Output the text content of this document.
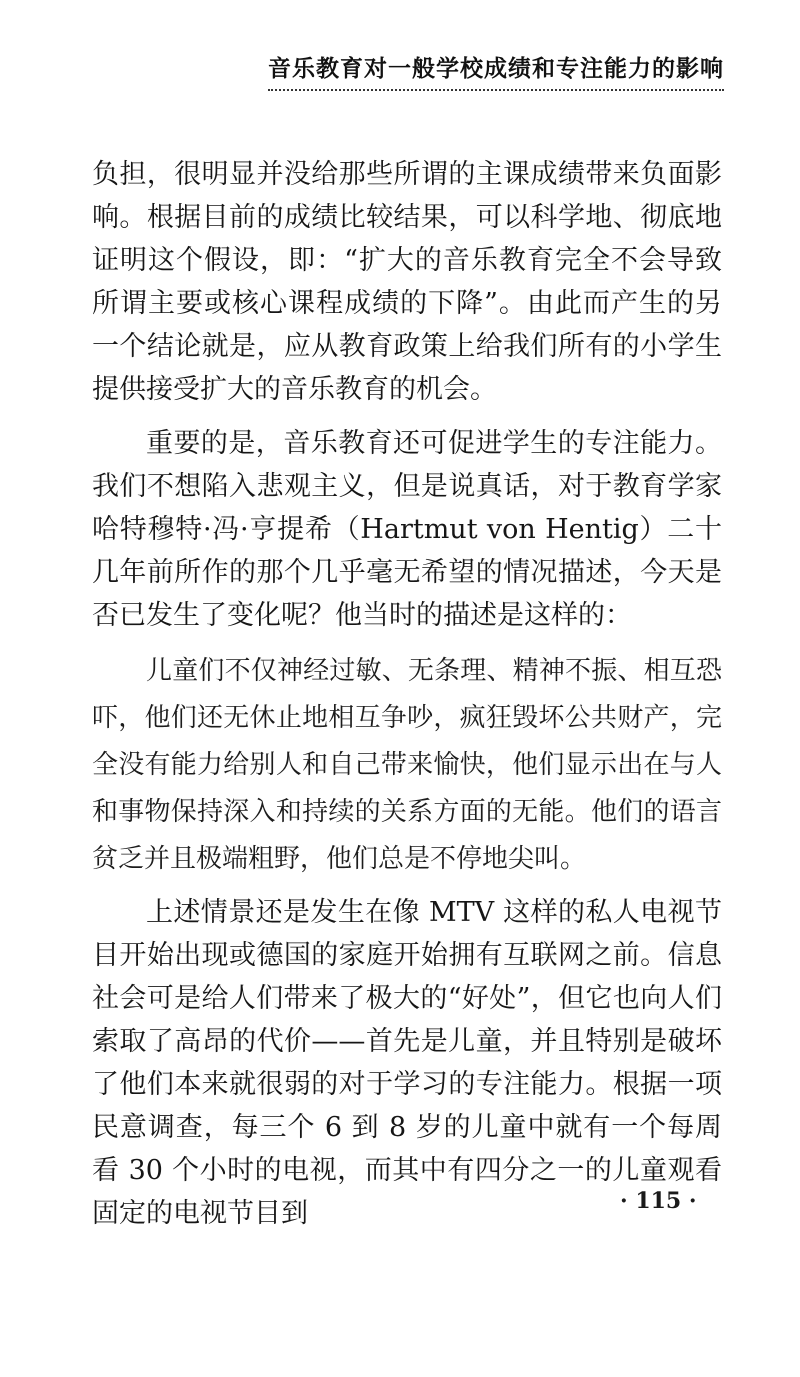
音乐教育对一般学校成绩和专注能力的影响

负担，很明显并没给那些所谓的主课成绩带来负面影响。根据目前的成绩比较结果，可以科学地、彻底地证明这个假设，即：“扩大的音乐教育完全不会导致所谓主要或核心课程成绩的下降”。由此而产生的另一个结论就是，应从教育政策上给我们所有的小学生提供接受扩大的音乐教育的机会。

重要的是，音乐教育还可促进学生的专注能力。我们不想陷入悲观主义，但是说真话，对于教育学家哈特穆特·冯·亨提希（Hartmut von Hentig）二十几年前所作的那个几乎毫无希望的情况描述，今天是否已发生了变化呢？他当时的描述是这样的：

儿童们不仅神经过敏、无条理、精神不振、相互恐吓，他们还无休止地相互争吵，疯狂毁坏公共财产，完全没有能力给别人和自己带来愉快，他们显示出在与人和事物保持深入和持续的关系方面的无能。他们的语言贫乏并且极端粗野，他们总是不停地尖叫。

上述情景还是发生在像 MTV 这样的私人电视节目开始出现或德国的家庭开始拥有互联网之前。信息社会可是给人们带来了极大的“好处”，但它也向人们索取了高昂的代价——首先是儿童，并且特别是破坏了他们本来就很弱的对于学习的专注能力。根据一项民意调查，每三个 6 到 8 岁的儿童中就有一个每周看 30 个小时的电视，而其中有四分之一的儿童观看固定的电视节目到	· 115 ·
